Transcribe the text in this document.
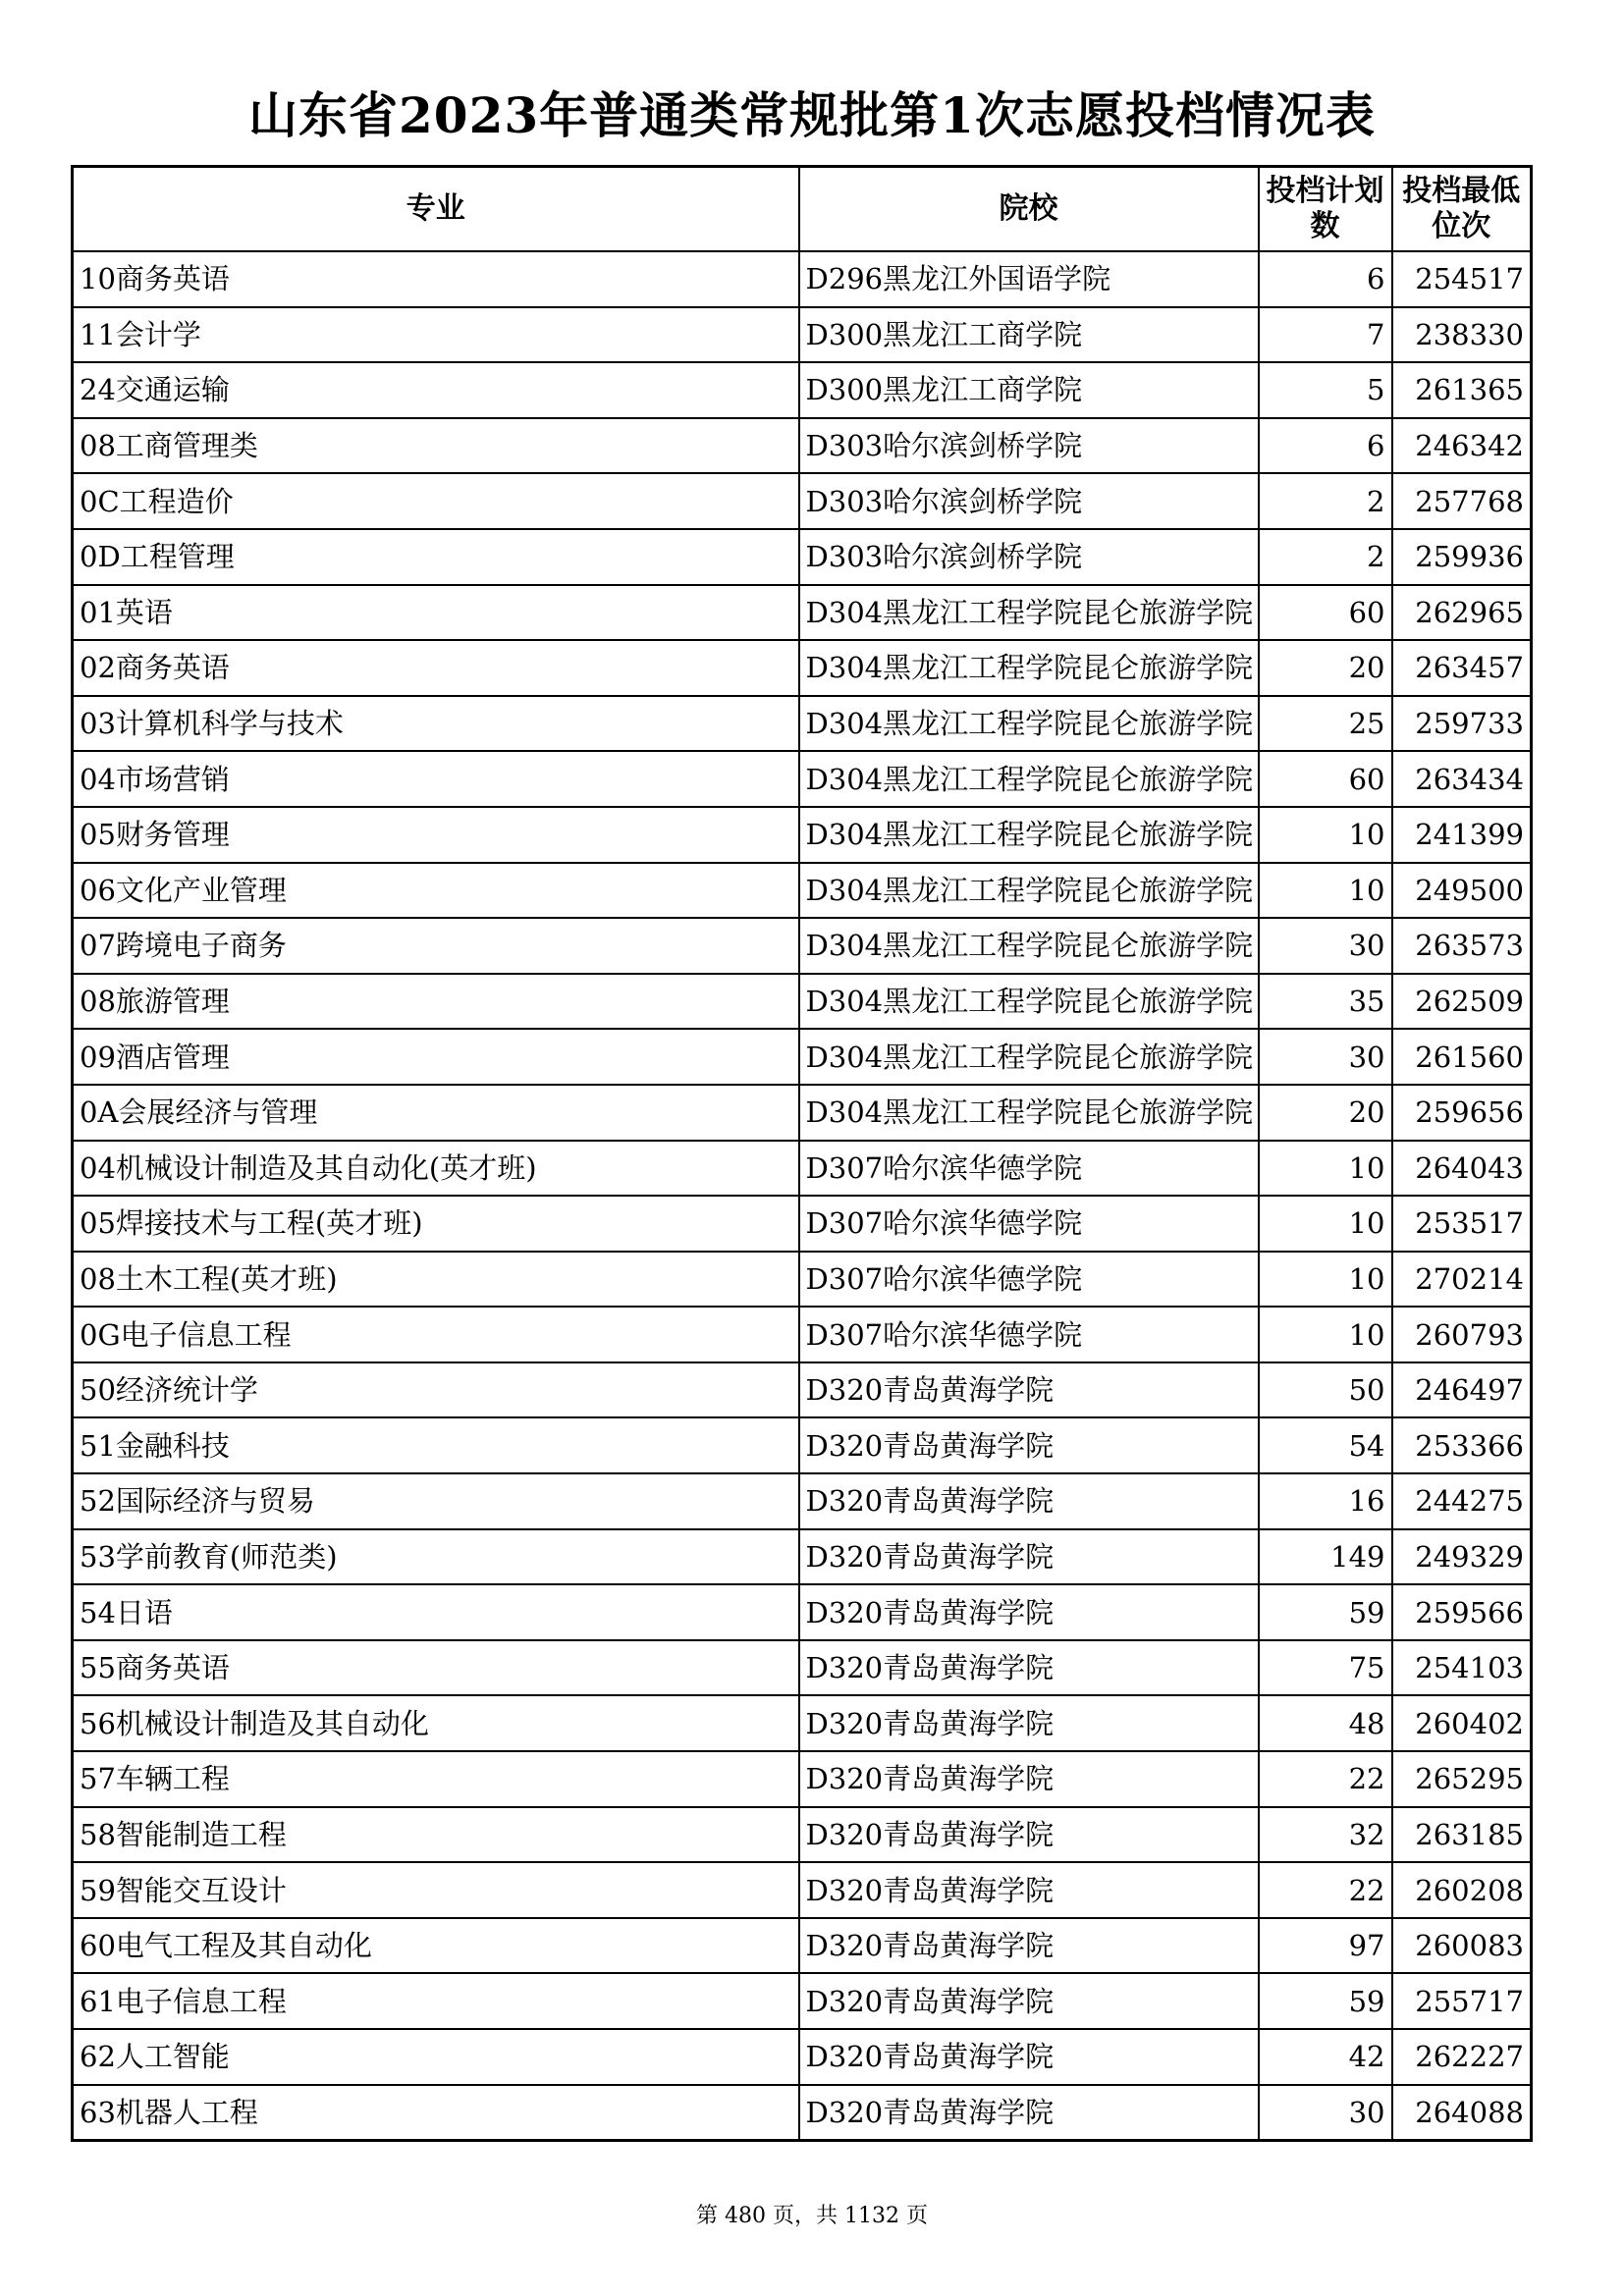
山东省2023年普通类常规批第1次志愿投档情况表
专业	院校	投档计划数	投档最低位次
10商务英语	D296黑龙江外国语学院	6	254517
11会计学	D300黑龙江工商学院	7	238330
24交通运输	D300黑龙江工商学院	5	261365
08工商管理类	D303哈尔滨剑桥学院	6	246342
0C工程造价	D303哈尔滨剑桥学院	2	257768
0D工程管理	D303哈尔滨剑桥学院	2	259936
01英语	D304黑龙江工程学院昆仑旅游学院	60	262965
02商务英语	D304黑龙江工程学院昆仑旅游学院	20	263457
03计算机科学与技术	D304黑龙江工程学院昆仑旅游学院	25	259733
04市场营销	D304黑龙江工程学院昆仑旅游学院	60	263434
05财务管理	D304黑龙江工程学院昆仑旅游学院	10	241399
06文化产业管理	D304黑龙江工程学院昆仑旅游学院	10	249500
07跨境电子商务	D304黑龙江工程学院昆仑旅游学院	30	263573
08旅游管理	D304黑龙江工程学院昆仑旅游学院	35	262509
09酒店管理	D304黑龙江工程学院昆仑旅游学院	30	261560
0A会展经济与管理	D304黑龙江工程学院昆仑旅游学院	20	259656
04机械设计制造及其自动化(英才班)	D307哈尔滨华德学院	10	264043
05焊接技术与工程(英才班)	D307哈尔滨华德学院	10	253517
08土木工程(英才班)	D307哈尔滨华德学院	10	270214
0G电子信息工程	D307哈尔滨华德学院	10	260793
50经济统计学	D320青岛黄海学院	50	246497
51金融科技	D320青岛黄海学院	54	253366
52国际经济与贸易	D320青岛黄海学院	16	244275
53学前教育(师范类)	D320青岛黄海学院	149	249329
54日语	D320青岛黄海学院	59	259566
55商务英语	D320青岛黄海学院	75	254103
56机械设计制造及其自动化	D320青岛黄海学院	48	260402
57车辆工程	D320青岛黄海学院	22	265295
58智能制造工程	D320青岛黄海学院	32	263185
59智能交互设计	D320青岛黄海学院	22	260208
60电气工程及其自动化	D320青岛黄海学院	97	260083
61电子信息工程	D320青岛黄海学院	59	255717
62人工智能	D320青岛黄海学院	42	262227
63机器人工程	D320青岛黄海学院	30	264088
第 480 页，共 1132 页
